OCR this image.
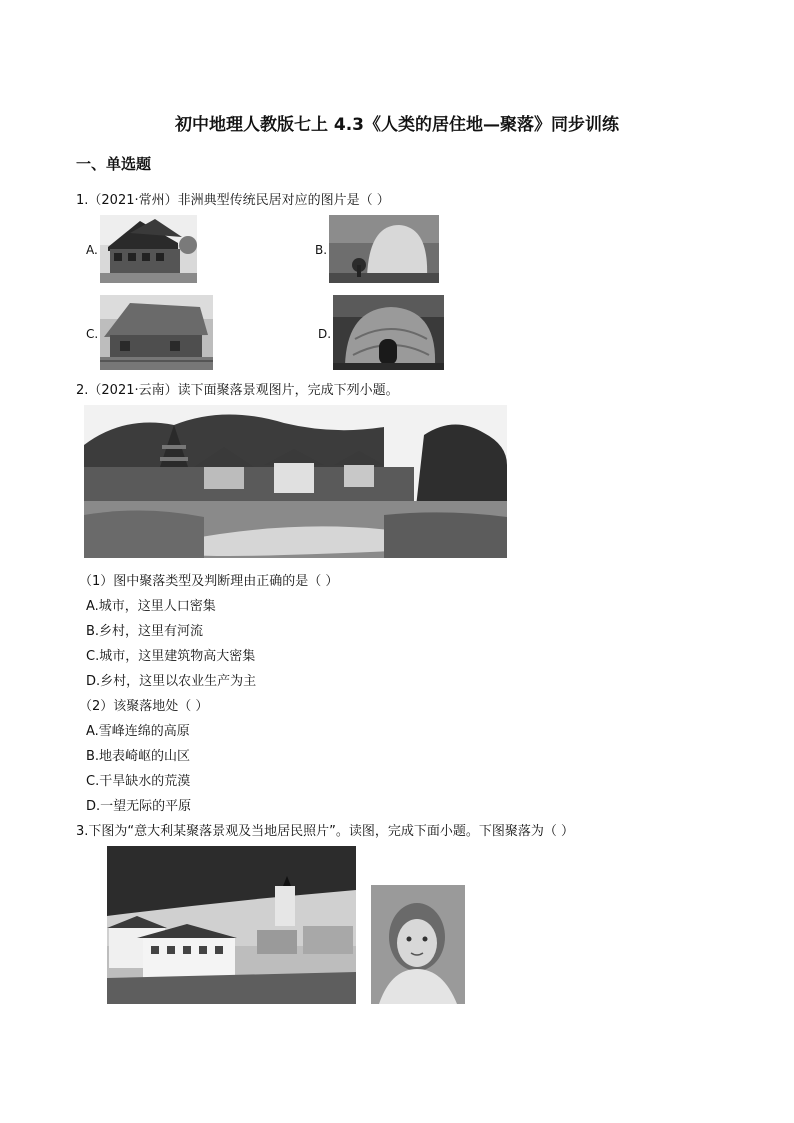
初中地理人教版七上 4.3《人类的居住地—聚落》同步训练
一、单选题
1.（2021·常州）非洲典型传统民居对应的图片是（ ）
A.	B.
C.	D.
2.（2021·云南）读下面聚落景观图片，完成下列小题。
（1）图中聚落类型及判断理由正确的是（ ）
A.城市，这里人口密集
B.乡村，这里有河流
C.城市，这里建筑物高大密集
D.乡村，这里以农业生产为主
（2）该聚落地处（ ）
A.雪峰连绵的高原
B.地表崎岖的山区
C.干旱缺水的荒漠
D.一望无际的平原
3.下图为“意大利某聚落景观及当地居民照片”。读图，完成下面小题。下图聚落为（ ）
